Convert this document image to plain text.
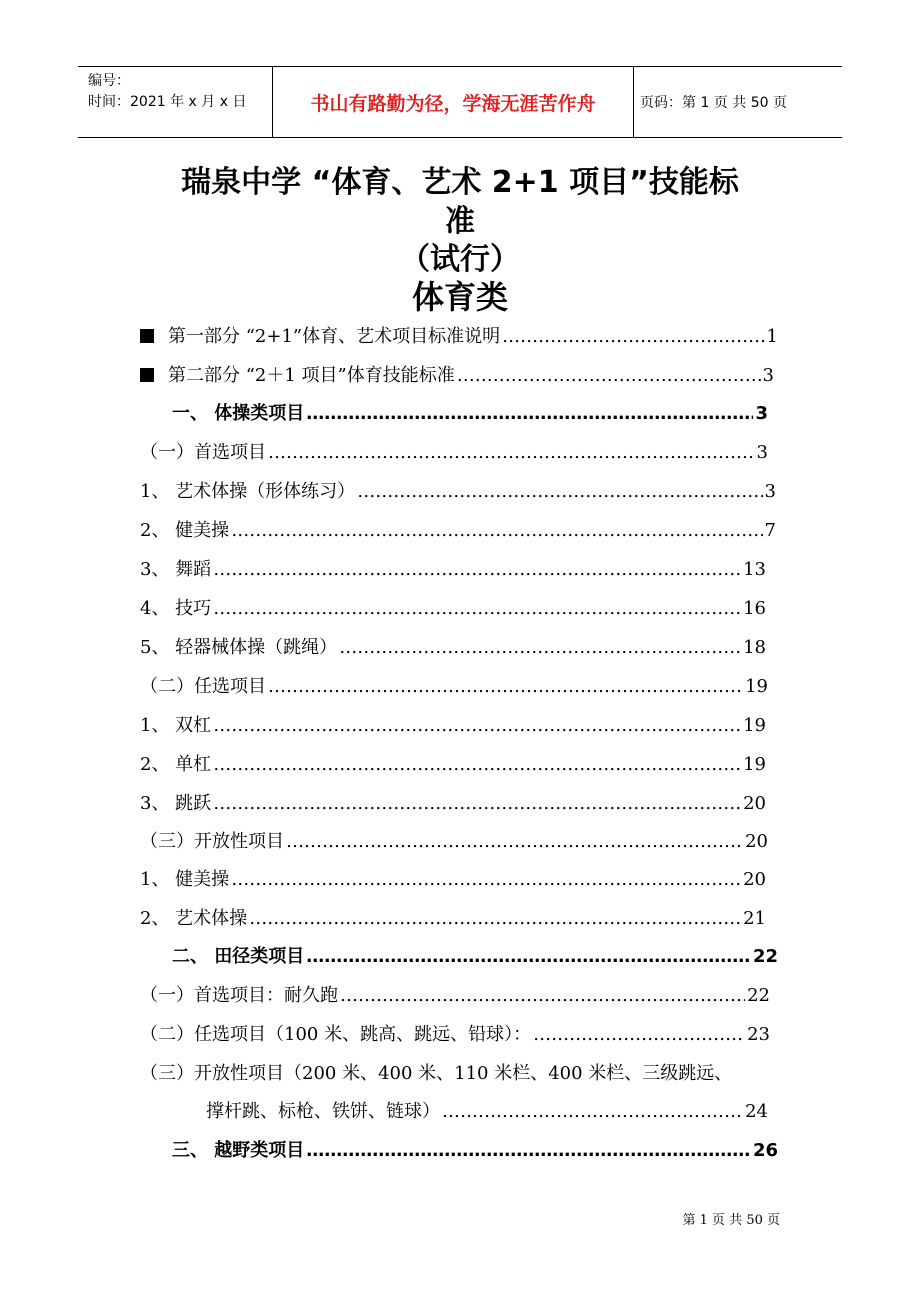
编号：
时间：2021 年 x 月 x 日	书山有路勤为径，学海无涯苦作舟	页码：第 1 页 共 50 页
瑞泉中学 “体育、艺术 2+1 项目”技能标
准
（试行）
体育类
第一部分 “2+1”体育、艺术项目标准说明 …………………………………………………………………………………………………………………………	1
第二部分 “2＋1 项目”体育技能标准 …………………………………………………………………………………………………………………………	3
一、 体操类项目 …………………………………………………………………………………………………………………………	3
（一）首选项目 …………………………………………………………………………………………………………………………	3
1、 艺术体操（形体练习） …………………………………………………………………………………………………………………………	3
2、 健美操 …………………………………………………………………………………………………………………………	7
3、 舞蹈 …………………………………………………………………………………………………………………………	13
4、 技巧 …………………………………………………………………………………………………………………………	16
5、 轻器械体操（跳绳） …………………………………………………………………………………………………………………………	18
（二）任选项目 …………………………………………………………………………………………………………………………	19
1、 双杠 …………………………………………………………………………………………………………………………	19
2、 单杠 …………………………………………………………………………………………………………………………	19
3、 跳跃 …………………………………………………………………………………………………………………………	20
（三）开放性项目 …………………………………………………………………………………………………………………………	20
1、 健美操 …………………………………………………………………………………………………………………………	20
2、 艺术体操 …………………………………………………………………………………………………………………………	21
二、 田径类项目 …………………………………………………………………………………………………………………………	22
（一）首选项目：耐久跑 …………………………………………………………………………………………………………………………	22
（二）任选项目（100 米、跳高、跳远、铅球）： …………………………………………………………………………………………………………………………	23
（三）开放性项目（200 米、400 米、110 米栏、400 米栏、三级跳远、
撑杆跳、标枪、铁饼、链球） …………………………………………………………………………………………………………………………	24
三、 越野类项目 …………………………………………………………………………………………………………………………	26
第 1 页 共 50 页
